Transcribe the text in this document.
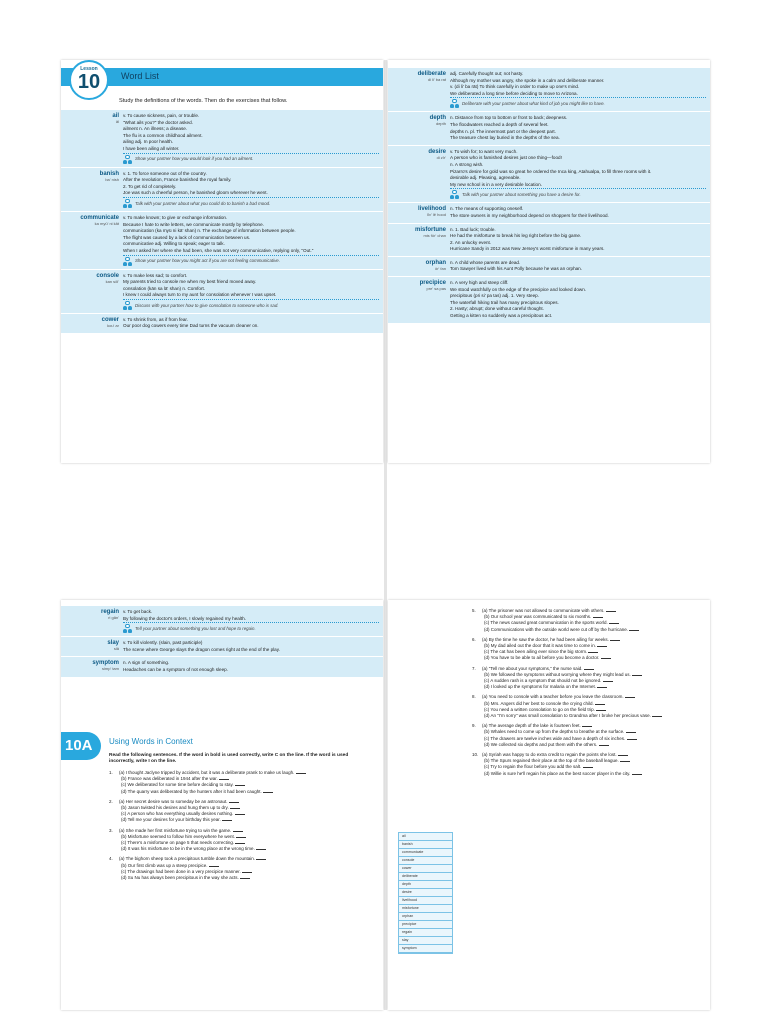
Lesson
10	Word List
Study the definitions of the words. Then do the exercises that follow.
ail
āl

v. To cause sickness, pain, or trouble.

"What ails you?" the doctor asked.

ailment n. An illness; a disease.

The flu is a common childhood ailment.

ailing adj. In poor health.

I have been ailing all winter.

Show your partner how you would look if you had an ailment.
banish
ba' nish

v. 1. To force someone out of the country.

After the revolution, France banished the royal family.

2. To get rid of completely.

Joe was such a cheerful person, he banished gloom wherever he went.

Talk with your partner about what you could do to banish a bad mood.
communicate
ka myü' ni kāt

v. To make known; to give or exchange information.

Because I hate to write letters, we communicate mostly by telephone.

communication (ka myü ni kā' shan) n. The exchange of information between people.

The flight was caused by a lack of communication between us.

communicative adj. Willing to speak; eager to talk.

When I asked her where she had been, she was not very communicative, replying only, "Out."

Show your partner how you might act if you are not feeling communicative.
console
kan sōl'

v. To make less sad; to comfort.

My parents tried to console me when my best friend moved away.

consolation (kän sa lā' shan) n. Comfort.

I knew I could always turn to my aunt for consolation whenever I was upset.

Discuss with your partner how to give consolation to someone who is sad.
cower
kou' ar

v. To shrink from, as if from fear.

Our poor dog cowers every time Dad turns the vacuum cleaner on.

deliberate
di li' ba rat

adj. Carefully thought out; not hasty.

Although my mother was angry, she spoke in a calm and deliberate manner.

v. (di li' ba rāt) To think carefully in order to make up one's mind.

We deliberated a long time before deciding to move to Arizona.

Deliberate with your partner about what kind of job you might like to have.
depth
depth

n. Distance from top to bottom or front to back; deepness.

The floodwaters reached a depth of several feet.

depths n. pl. The innermost part or the deepest part.

The treasure chest lay buried in the depths of the sea.

desire
di zīr'

v. To wish for; to want very much.

A person who is famished desires just one thing—food!

n. A strong wish.

Pizarro's desire for gold was so great he ordered the Inca king, Atahualpa, to fill three rooms with it.

desirable adj. Pleasing, agreeable.

My new school is in a very desirable location.

Talk with your partner about something you have a desire for.
livelihood
līv' lē hood

n. The means of supporting oneself.

The store owners in my neighborhood depend on shoppers for their livelihood.

misfortune
mis fôr' chan

n. 1. Bad luck; trouble.

He had the misfortune to break his leg right before the big game.

2. An unlucky event.

Hurricane Sandy in 2012 was New Jersey's worst misfortune in many years.

orphan
ôr' fan

n. A child whose parents are dead.

Tom Sawyer lived with his Aunt Polly because he was an orphan.

precipice
pre' sa pas

n. A very high and steep cliff.

We stood watchfully on the edge of the precipice and looked down.

precipitous (pri si' pa tas) adj. 1. Very steep.

The waterfall hiking trail has many precipitous slopes.

2. Hasty; abrupt; done without careful thought.

Getting a kitten so suddenly was a precipitous act.

regain
ri gān'

v. To get back.

By following the doctor's orders, I slowly regained my health.

Tell your partner about something you lost and hope to regain.
slay
slā

v. To kill violently. (slain, past participle)

The scene where George slays the dragon comes right at the end of the play.

symptom
simp' tam

n. A sign of something.

Headaches can be a symptom of not enough sleep.

10A	Using Words in Context
Read the following sentences. If the word in bold is used correctly, write C on the line. If the word is used incorrectly, write I on the line.
1. (a) I thought Jaclyne tripped by accident, but it was a deliberate prank to make us laugh.
(b) France was deliberated in 1944 after the war.
(c) We deliberated for some time before deciding to stay.
(d) The quarry was deliberated by the hunters after it had been caught.
2. (a) Her secret desire was to someday be an astronaut.
(b) Jason twisted his desires and hung them up to dry.
(c) A person who has everything usually desires nothing.
(d) Tell me your desires for your birthday this year.
3. (a) She made her first misfortune trying to win the game.
(b) Misfortune seemed to follow him everywhere he went.
(c) There's a misfortune on page 5 that needs correcting.
(d) It was his misfortune to be in the wrong place at the wrong time.
4. (a) The bighorn sheep took a precipitous tumble down the mountain.
(b) Our first climb was up a steep precipice.
(c) The drawings had been done in a very precipice manner.
(d) Su Nu has always been precipitous in the way she acts.
5. (a) The prisoner was not allowed to communicate with others.
(b) Our school year was communicated to six months.
(c) The news caused great communication in the sports world.
(d) Communications with the outside world were cut off by the hurricane.
6. (a) By the time he saw the doctor, he had been ailing for weeks.
(b) My dad ailed out the door that it was time to come in.
(c) The cat has been ailing ever since the big storm.
(d) You have to be able to ail before you become a doctor.
7. (a) "Tell me about your symptoms," the nurse said.
(b) We followed the symptoms without worrying where they might lead us.
(c) A sudden rash is a symptom that should not be ignored.
(d) I looked up the symptoms for malaria on the Internet.
8. (a) You need to console with a teacher before you leave the classroom.
(b) Mrs. Angers did her best to console the crying child.
(c) You need a written consolation to go on the field trip.
(d) An "I'm sorry" was small consolation to Grandma after I broke her precious vase.
9. (a) The average depth of the lake is fourteen feet.
(b) Whales need to come up from the depths to breathe at the surface.
(c) The drawers are twelve inches wide and have a depth of six inches.
(d) We collected six depths and put them with the others.
10. (a) Syriah was happy to do extra credit to regain the points she lost.
(b) The Spurs regained their place at the top of the baseball league.
(c) Try to regain the flour before you add the salt.
(d) Willie is sure he'll regain his place as the best soccer player in the city.
ail
banish
communicate
console
cower
deliberate
depth
desire
livelihood
misfortune
orphan
precipice
regain
slay
symptom
